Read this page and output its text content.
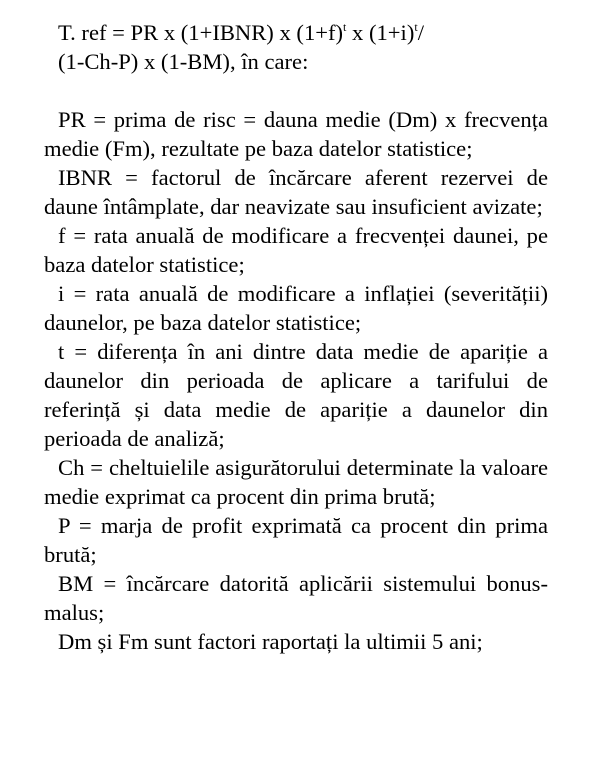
T. ref = PR x (1+IBNR) x $(1+f)^t$ x $(1+i)^t/$
(1-Ch-P) x (1-BM), în care:

PR = prima de risc = dauna medie (Dm) x frecvența medie (Fm), rezultate pe baza datelor statistice;

IBNR = factorul de încărcare aferent rezervei de daune întâmplate, dar neavizate sau insuficient avizate;

f = rata anuală de modificare a frecvenței daunei, pe baza datelor statistice;

i = rata anuală de modificare a inflației (severității) daunelor, pe baza datelor statistice;

t = diferența în ani dintre data medie de apariție a daunelor din perioada de aplicare a tarifului de referință și data medie de apariție a daunelor din perioada de analiză;

Ch = cheltuielile asigurătorului determinate la valoare medie exprimat ca procent din prima brută;

P = marja de profit exprimată ca procent din prima brută;

BM = încărcare datorită aplicării sistemului bonus-malus;

Dm și Fm sunt factori raportați la ultimii 5 ani;
